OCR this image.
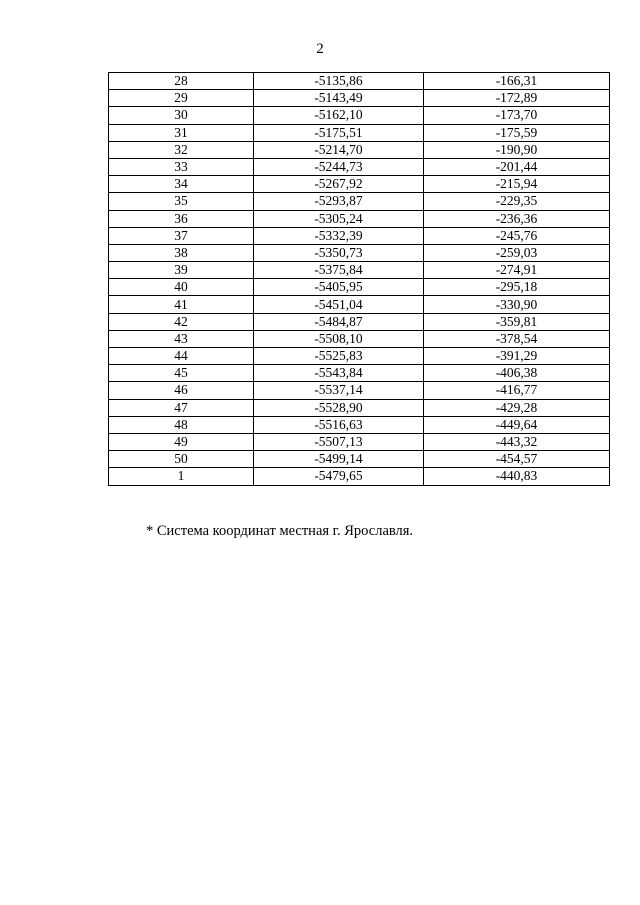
2
28	-5135,86	-166,31
29	-5143,49	-172,89
30	-5162,10	-173,70
31	-5175,51	-175,59
32	-5214,70	-190,90
33	-5244,73	-201,44
34	-5267,92	-215,94
35	-5293,87	-229,35
36	-5305,24	-236,36
37	-5332,39	-245,76
38	-5350,73	-259,03
39	-5375,84	-274,91
40	-5405,95	-295,18
41	-5451,04	-330,90
42	-5484,87	-359,81
43	-5508,10	-378,54
44	-5525,83	-391,29
45	-5543,84	-406,38
46	-5537,14	-416,77
47	-5528,90	-429,28
48	-5516,63	-449,64
49	-5507,13	-443,32
50	-5499,14	-454,57
1	-5479,65	-440,83
* Система координат местная г. Ярославля.
